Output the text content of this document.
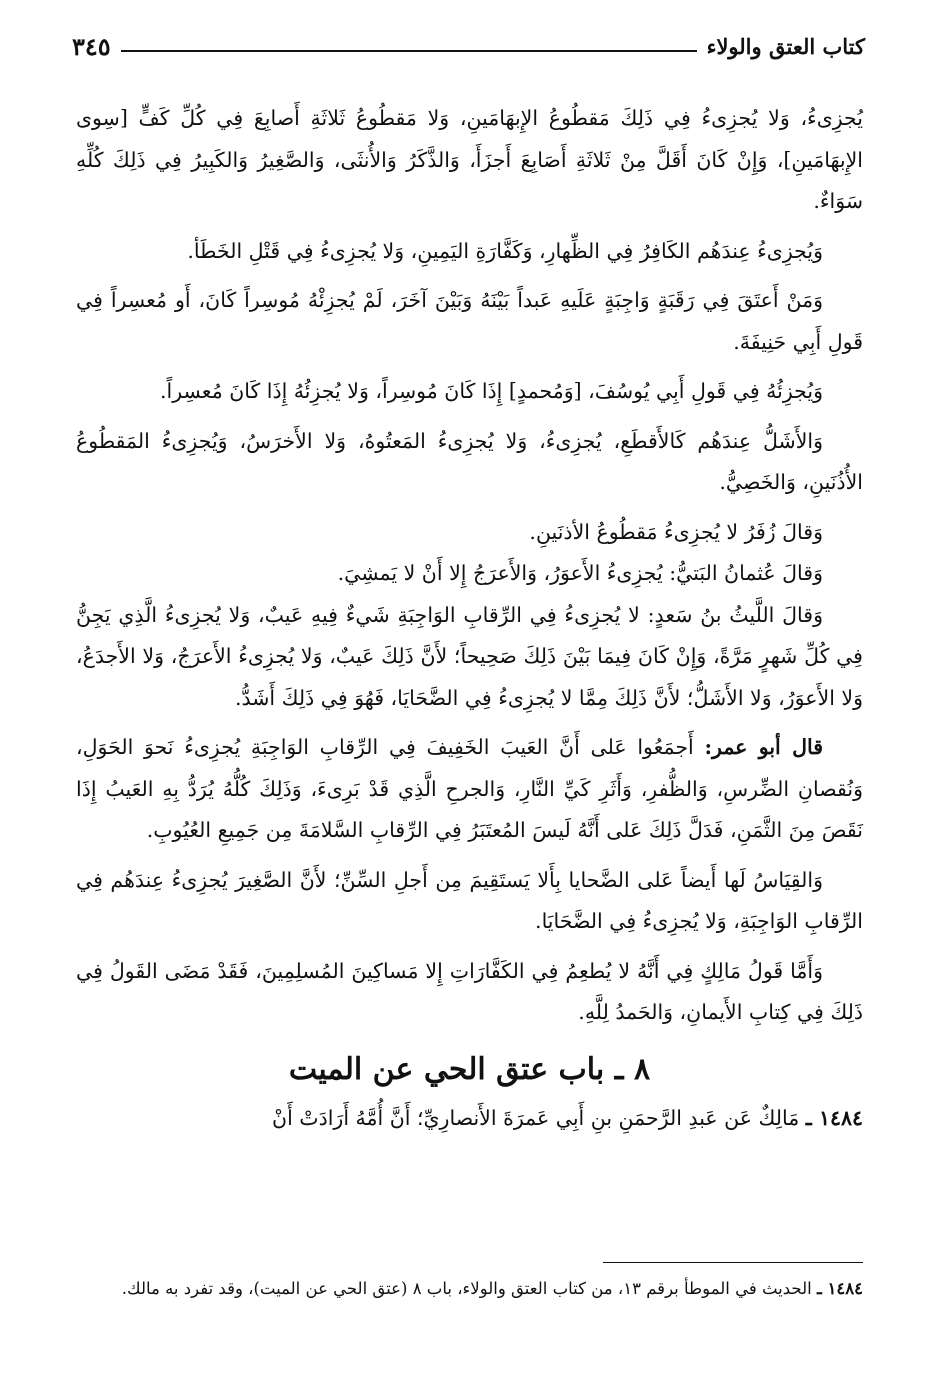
كتاب العتق والولاء
٣٤٥

يُجزِىءُ، وَلا يُجزِىءُ فِي ذَلِكَ مَقطُوعُ الإِبهَامَينِ، وَلا مَقطُوعُ ثَلاثَةِ أَصابِعَ فِي كُلِّ كَفٍّ [سِوى الإِبهَامَينِ]، وَإِنْ كَانَ أَقَلَّ مِنْ ثَلاثَةِ أَصَابِعَ أَجزَأَ، وَالذَّكَرُ وَالأُنثَى، وَالصَّغِيرُ وَالكَبِيرُ فِي ذَلِكَ كُلِّهِ سَوَاءٌ.

وَيُجزِىءُ عِندَهُم الكَافِرُ فِي الظِّهارِ، وَكَفَّارَةِ اليَمِينِ، وَلا يُجزِىءُ فِي قَتْلِ الخَطَأ.

وَمَنْ أَعتَقَ فِي رَقَبَةٍ وَاجِبَةٍ عَلَيهِ عَبداً بَيْنَهُ وَبَيْنَ آخَرَ، لَمْ يُجزِئْهُ مُوسِراً كَانَ، أَو مُعسِراً فِي قَولِ أَبِي حَنِيفَةَ.

وَيُجزِئُهُ فِي قَولِ أَبِي يُوسُفَ، [وَمُحمدٍ] إِذَا كَانَ مُوسِراً، وَلا يُجزِئُهُ إِذَا كَانَ مُعسِراً.

وَالأَشَلُّ عِندَهُم كَالأَقطَعِ، يُجزِىءُ، وَلا يُجزِىءُ المَعتُوهُ، وَلا الأَخرَسُ، وَيُجزِىءُ المَقطُوعُ الأُذُنَينِ، وَالخَصِيُّ.

وَقالَ زُفَرُ لا يُجزِىءُ مَقطُوعُ الأذنَينِ.

وَقالَ عُثمانُ البَتيُّ: يُجزِىءُ الأَعوَرُ، وَالأَعرَجُ إِلا أَنْ لا يَمشِيَ.

وَقالَ اللَّيثُ بنُ سَعدٍ: لا يُجزِىءُ فِي الرِّقابِ الوَاجِبَةِ شَيءٌ فِيهِ عَيبٌ، وَلا يُجزِىءُ الَّذِي يَجِنُّ فِي كُلِّ شَهرٍ مَرَّةً، وَإِنْ كَانَ فِيمَا بَيْنَ ذَلِكَ صَحِيحاً؛ لأَنَّ ذَلِكَ عَيبٌ، وَلا يُجزِىءُ الأَعرَجُ، وَلا الأَجدَعُ، وَلا الأَعوَرُ، وَلا الأَشَلُّ؛ لأَنَّ ذَلِكَ مِمَّا لا يُجزِىءُ فِي الضَّحَايَا، فَهُوَ فِي ذَلِكَ أَشَدُّ.

قال أبو عمر: أَجمَعُوا عَلى أَنَّ العَيبَ الخَفِيفَ فِي الرِّقابِ الوَاجِبَةِ يُجزِىءُ نَحوَ الحَوَلِ، وَنُقصانِ الضِّرسِ، وَالظُّفرِ، وَأَثَرِ كَيِّ النَّارِ، وَالجرحِ الَّذِي قَدْ بَرِىءَ، وَذَلِكَ كُلُّهُ يُرَدُّ بِهِ العَيبُ إِذَا نَقَصَ مِنَ الثَّمَنِ، فَدَلَّ ذَلِكَ عَلى أَنَّهُ لَيسَ المُعتَبَرُ فِي الرِّقابِ السَّلامَةَ مِن جَمِيعِ العُيُوبِ.

وَالقِيَاسُ لَها أَيضاً عَلى الضَّحايا بِأَلا يَستَقِيمَ مِن أَجلِ السِّنِّ؛ لأَنَّ الصَّغِيرَ يُجزِىءُ عِندَهُم فِي الرِّقابِ الوَاجِبَةِ، وَلا يُجزِىءُ فِي الضَّحَايَا.

وَأَمَّا قَولُ مَالِكٍ فِي أَنَّهُ لا يُطعِمُ فِي الكَفَّارَاتِ إِلا مَساكِينَ المُسلِمِينَ، فَقَدْ مَضَى القَولُ فِي ذَلِكَ فِي كِتابِ الأَيمانِ، وَالحَمدُ لِلَّهِ.

٨ ـ باب عتق الحي عن الميت

١٤٨٤ ـ مَالِكٌ عَن عَبدِ الرَّحمَنِ بنِ أَبِي عَمرَةَ الأَنصارِيِّ؛ أَنَّ أُمَّهُ أَرَادَتْ أَنْ

١٤٨٤ ـ الحديث في الموطأ برقم ١٣، من كتاب العتق والولاء، باب ٨ (عتق الحي عن الميت)، وقد تفرد به مالك.
